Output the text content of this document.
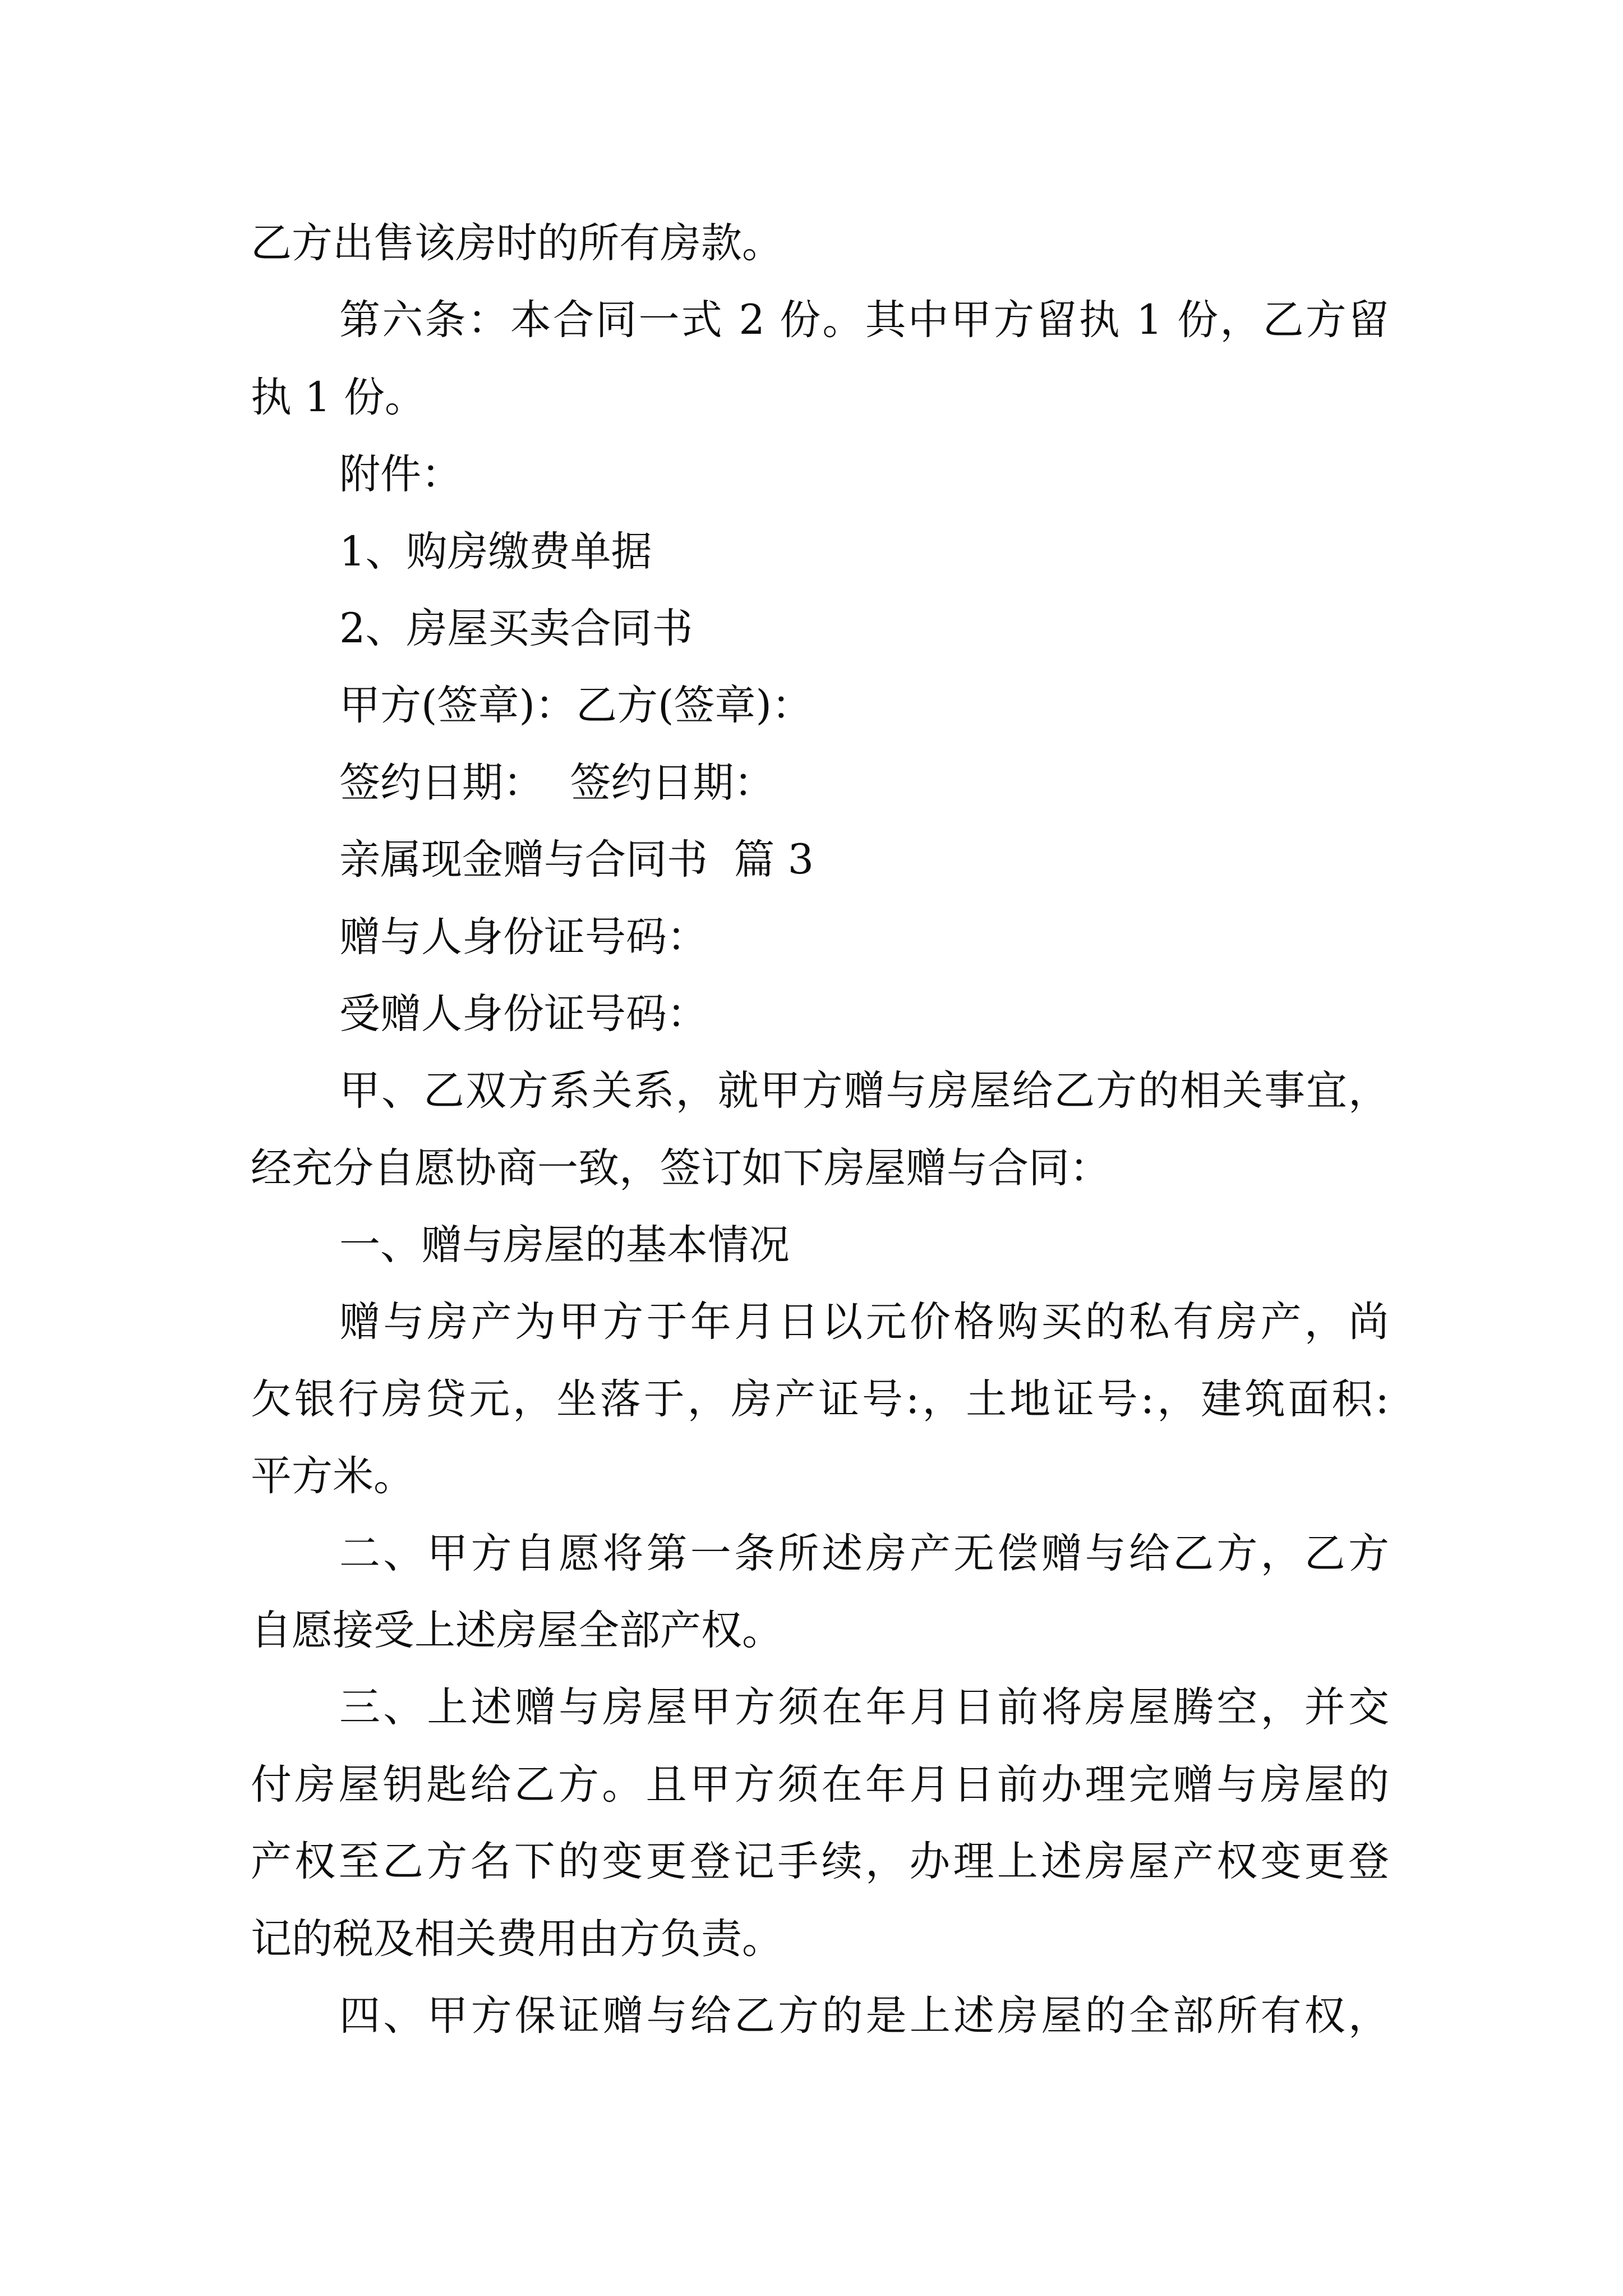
乙方出售该房时的所有房款。
第六条：本合同一式 2 份。其中甲方留执 1 份，乙方留
执 1 份。
附件：
1、购房缴费单据
2、房屋买卖合同书
甲方(签章)：乙方(签章)：
签约日期：  签约日期：
亲属现金赠与合同书  篇 3
赠与人身份证号码：
受赠人身份证号码：
甲、乙双方系关系，就甲方赠与房屋给乙方的相关事宜，
经充分自愿协商一致，签订如下房屋赠与合同：
一、赠与房屋的基本情况
赠与房产为甲方于年月日以元价格购买的私有房产，尚
欠银行房贷元，坐落于，房产证号:，土地证号:，建筑面积:
平方米。
二、甲方自愿将第一条所述房产无偿赠与给乙方，乙方
自愿接受上述房屋全部产权。
三、上述赠与房屋甲方须在年月日前将房屋腾空，并交
付房屋钥匙给乙方。且甲方须在年月日前办理完赠与房屋的
产权至乙方名下的变更登记手续，办理上述房屋产权变更登
记的税及相关费用由方负责。
四、甲方保证赠与给乙方的是上述房屋的全部所有权，
